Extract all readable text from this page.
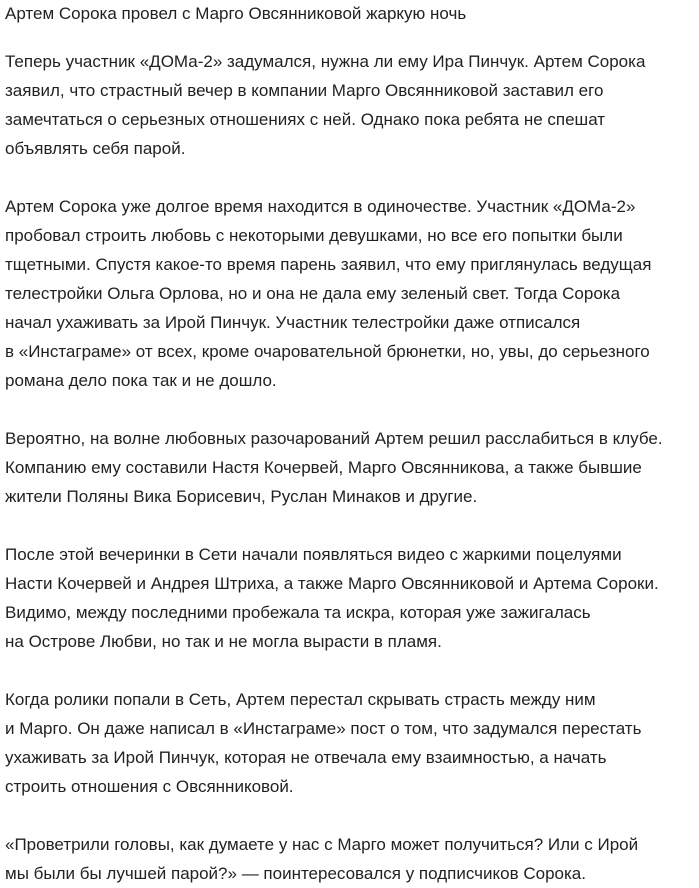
Артем Сорока провел с Марго Овсянниковой жаркую ночь

Теперь участник «ДОМа-2» задумался, нужна ли ему Ира Пинчук. Артем Сорока
заявил, что страстный вечер в компании Марго Овсянниковой заставил его
замечтаться о серьезных отношениях с ней. Однако пока ребята не спешат
объявлять себя парой.

Артем Сорока уже долгое время находится в одиночестве. Участник «ДОМа-2»
пробовал строить любовь с некоторыми девушками, но все его попытки были
тщетными. Спустя какое-то время парень заявил, что ему приглянулась ведущая
телестройки Ольга Орлова, но и она не дала ему зеленый свет. Тогда Сорока
начал ухаживать за Ирой Пинчук. Участник телестройки даже отписался
в «Инстаграме» от всех, кроме очаровательной брюнетки, но, увы, до серьезного
романа дело пока так и не дошло.

Вероятно, на волне любовных разочарований Артем решил расслабиться в клубе.
Компанию ему составили Настя Кочервей, Марго Овсянникова, а также бывшие
жители Поляны Вика Борисевич, Руслан Минаков и другие.

После этой вечеринки в Сети начали появляться видео с жаркими поцелуями
Насти Кочервей и Андрея Штриха, а также Марго Овсянниковой и Артема Сороки.
Видимо, между последними пробежала та искра, которая уже зажигалась
на Острове Любви, но так и не могла вырасти в пламя.

Когда ролики попали в Сеть, Артем перестал скрывать страсть между ним
и Марго. Он даже написал в «Инстаграме» пост о том, что задумался перестать
ухаживать за Ирой Пинчук, которая не отвечала ему взаимностью, а начать
строить отношения с Овсянниковой.

«Проветрили головы, как думаете у нас с Марго может получиться? Или с Ирой
мы были бы лучшей парой?» — поинтересовался у подписчиков Сорока.
